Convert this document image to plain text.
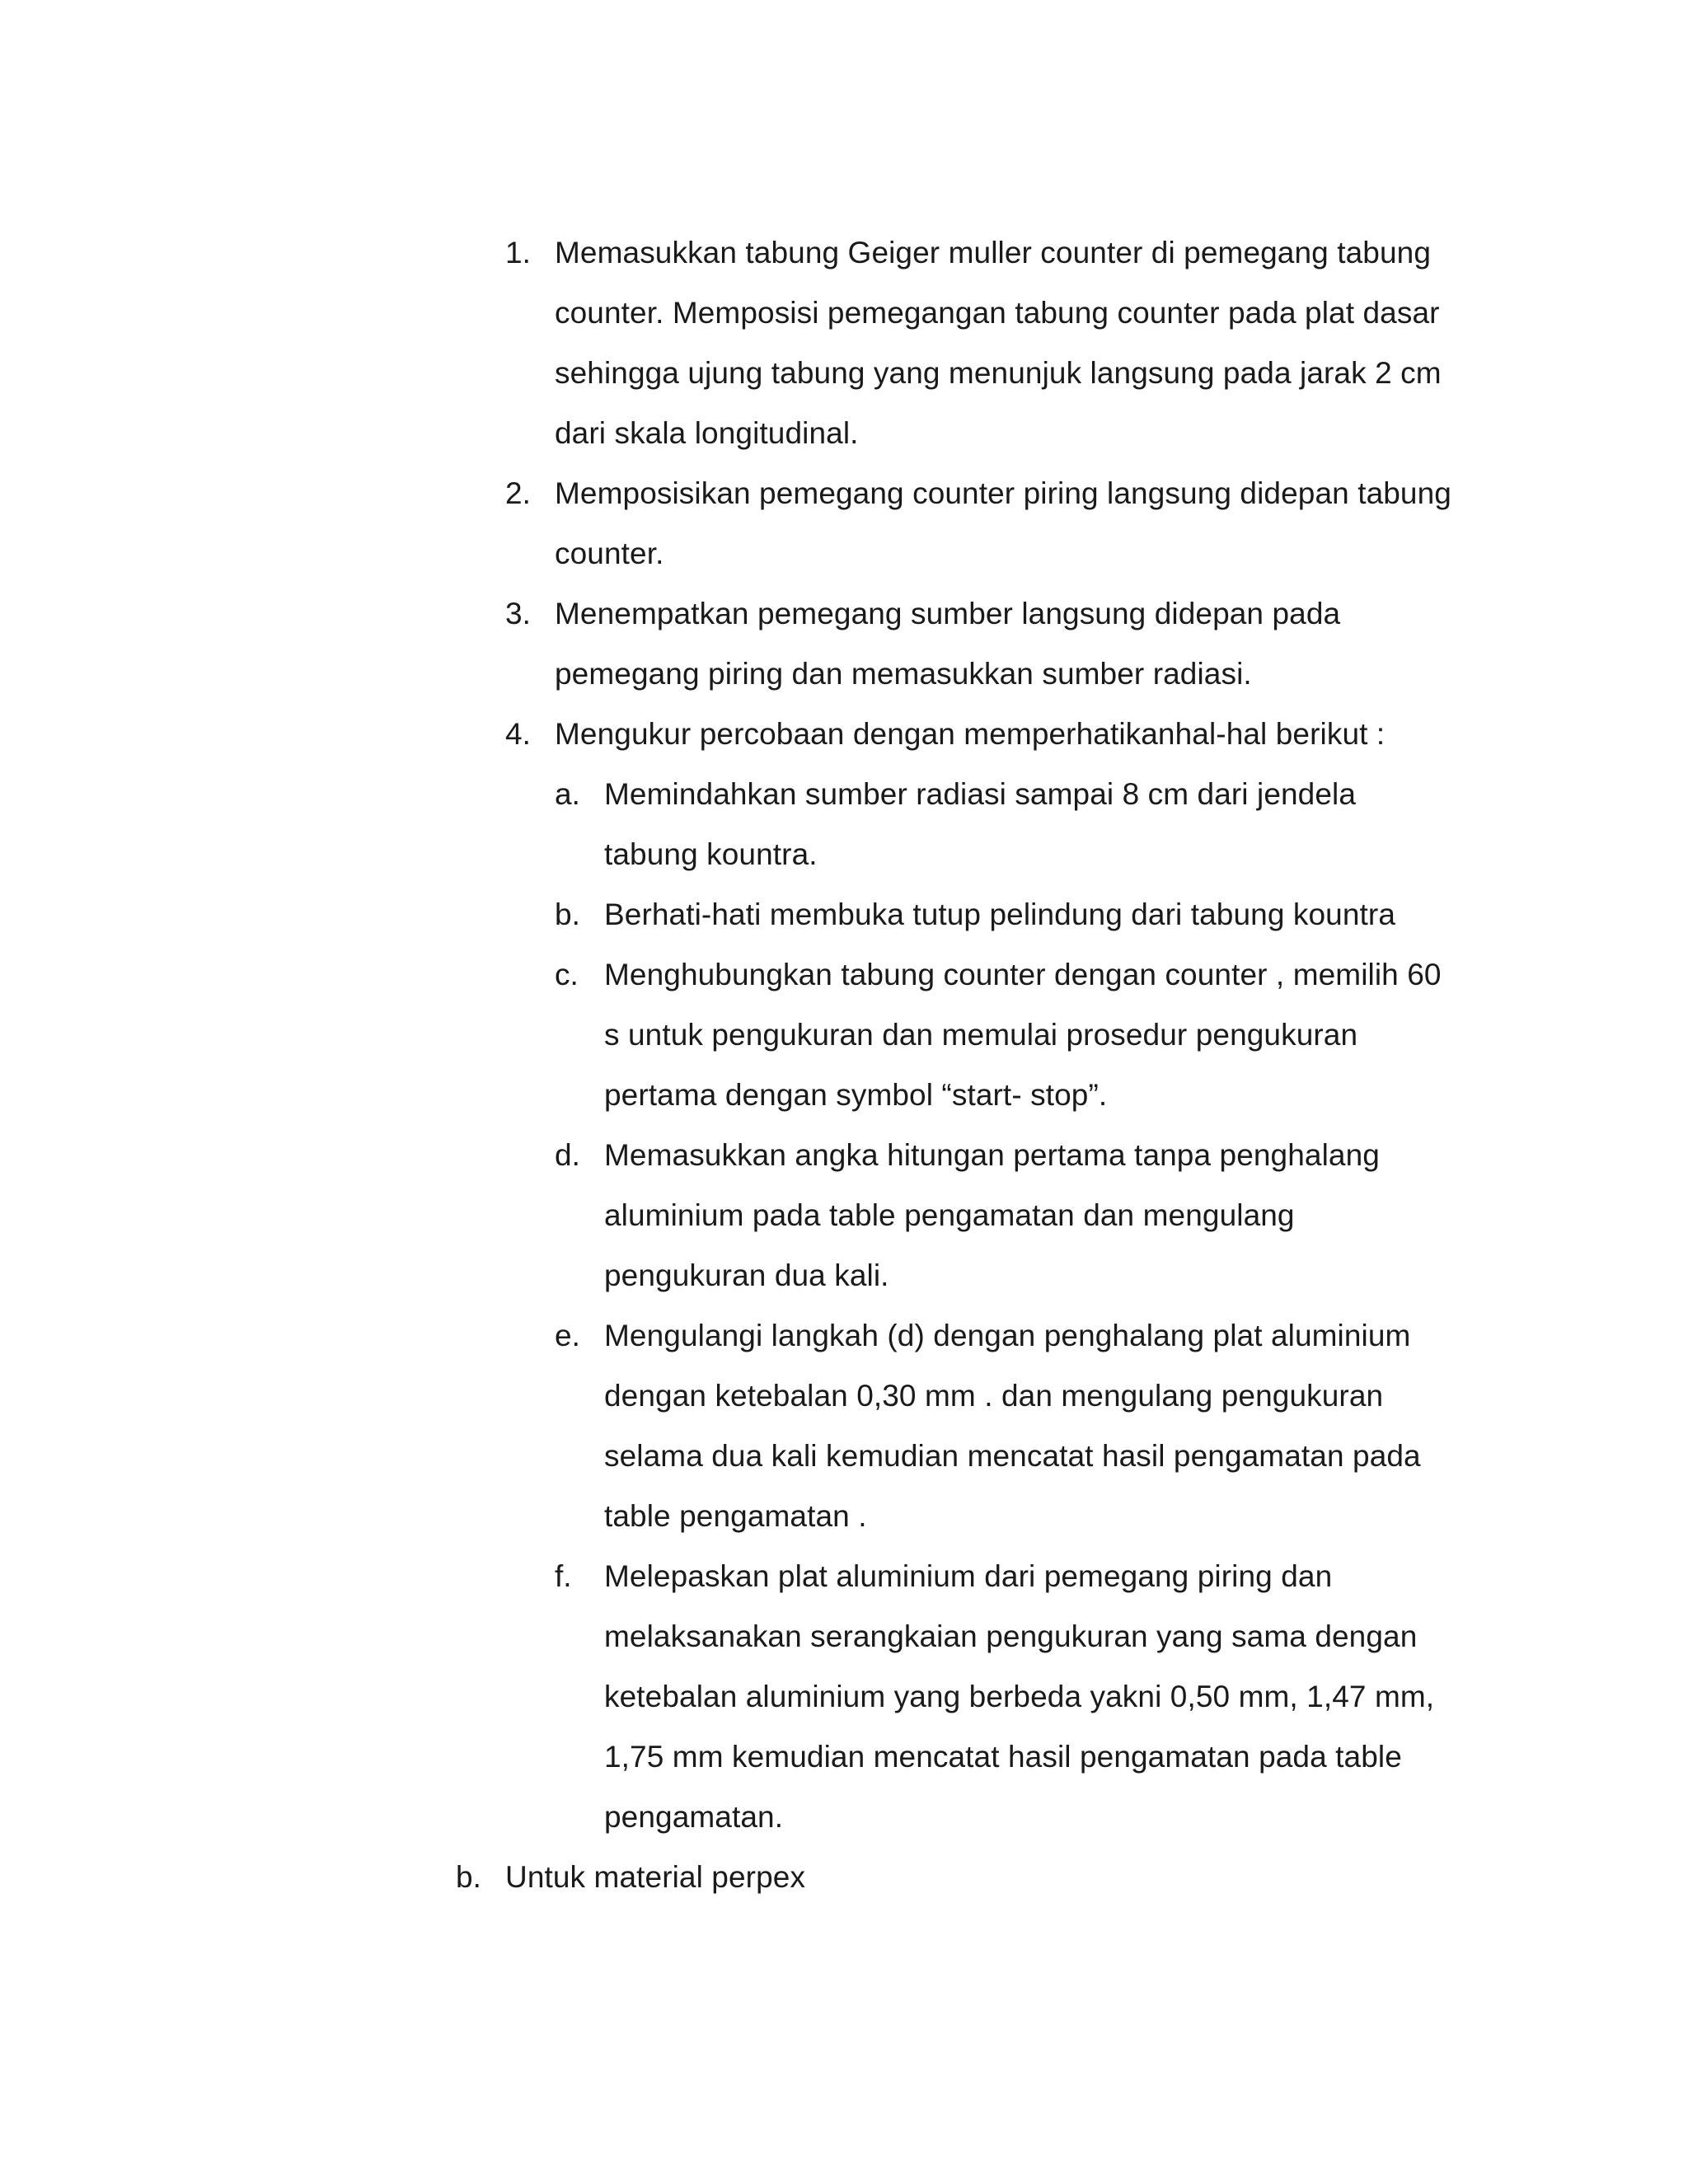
1. Memasukkan tabung Geiger muller counter di pemegang tabung
counter. Memposisi pemegangan tabung counter pada plat dasar
sehingga ujung tabung yang menunjuk langsung pada jarak 2 cm
dari skala longitudinal.
2. Memposisikan pemegang counter piring langsung didepan tabung
counter.
3. Menempatkan pemegang sumber langsung didepan pada
pemegang piring dan memasukkan sumber radiasi.
4. Mengukur percobaan dengan memperhatikanhal-hal berikut :
a. Memindahkan sumber radiasi sampai 8 cm dari jendela
tabung kountra.
b. Berhati-hati membuka tutup pelindung dari tabung kountra
c. Menghubungkan tabung counter dengan counter , memilih 60
s untuk pengukuran dan memulai prosedur pengukuran
pertama dengan symbol “start- stop”.
d. Memasukkan angka hitungan pertama tanpa penghalang
aluminium pada table pengamatan dan mengulang
pengukuran dua kali.
e. Mengulangi langkah (d) dengan penghalang plat aluminium
dengan ketebalan 0,30 mm . dan mengulang pengukuran
selama dua kali kemudian mencatat hasil pengamatan pada
table pengamatan .
f. Melepaskan plat aluminium dari pemegang piring dan
melaksanakan serangkaian pengukuran yang sama dengan
ketebalan aluminium yang berbeda yakni 0,50 mm, 1,47 mm,
1,75 mm kemudian mencatat hasil pengamatan pada table
pengamatan.
b. Untuk material perpex
